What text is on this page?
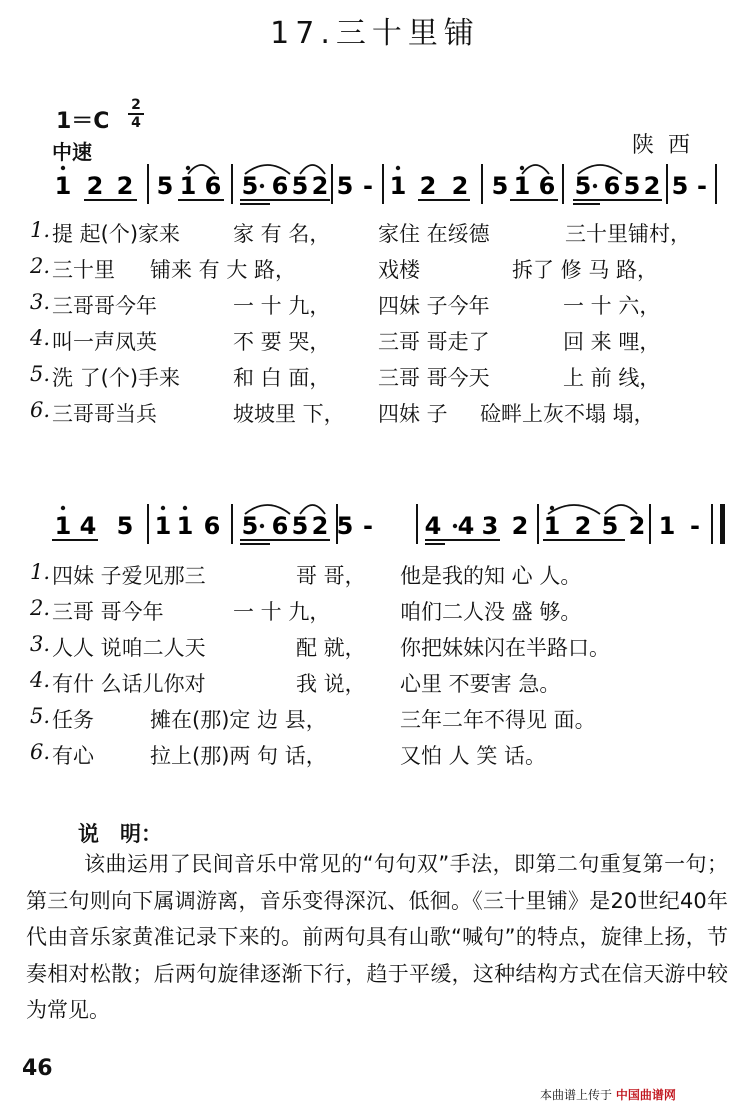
17.三十里铺
1＝C
2
4
中速	陕西
1 2 2 5 1 6 5 6 5 2 5 - 1 2 2 5 1 6 5 6 5 2 5 -
1. 提 起(个)家来	家 有 名， 家住 在绥德	三十里铺村，
2. 三十里 铺来 有 大 路，	戏楼	拆了 修 马 路，
3. 三哥哥今年	一 十 九， 四妹 子今年	一 十 六，
4. 叫一声凤英	不 要 哭， 三哥 哥走了	回 来 哩，
5. 洗 了(个)手来	和 白 面， 三哥 哥今天	上 前 线，
6. 三哥哥当兵	坡坡里 下， 四妹 子 硷畔上灰不塌 塌，
1 4 5 1 1 6 5 6 5 2 5 - 4 4 3 2 1 2 5 2 1 -
1. 四妹 子爱见那三	哥 哥， 他是我的知 心 人。
2. 三哥 哥今年	一 十 九，	咱们二人没 盛 够。
3. 人人 说咱二人天	配 就， 你把妹妹闪在半路口。
4. 有什 么话儿你对	我 说， 心里 不要害 急。
5. 任务	摊在(那)定 边 县，	三年二年不得见 面。
6. 有心	拉上(那)两 句 话，	又怕 人 笑 话。
说　明：
该曲运用了民间音乐中常见的“句句双”手法，即第二句重复第一句；第三句则向下属调游离，音乐变得深沉、低徊。《三十里铺》是20世纪40年代由音乐家黄准记录下来的。前两句具有山歌“喊句”的特点，旋律上扬，节奏相对松散；后两句旋律逐渐下行，趋于平缓，这种结构方式在信天游中较为常见。
46
本曲谱上传于 中国曲谱网
